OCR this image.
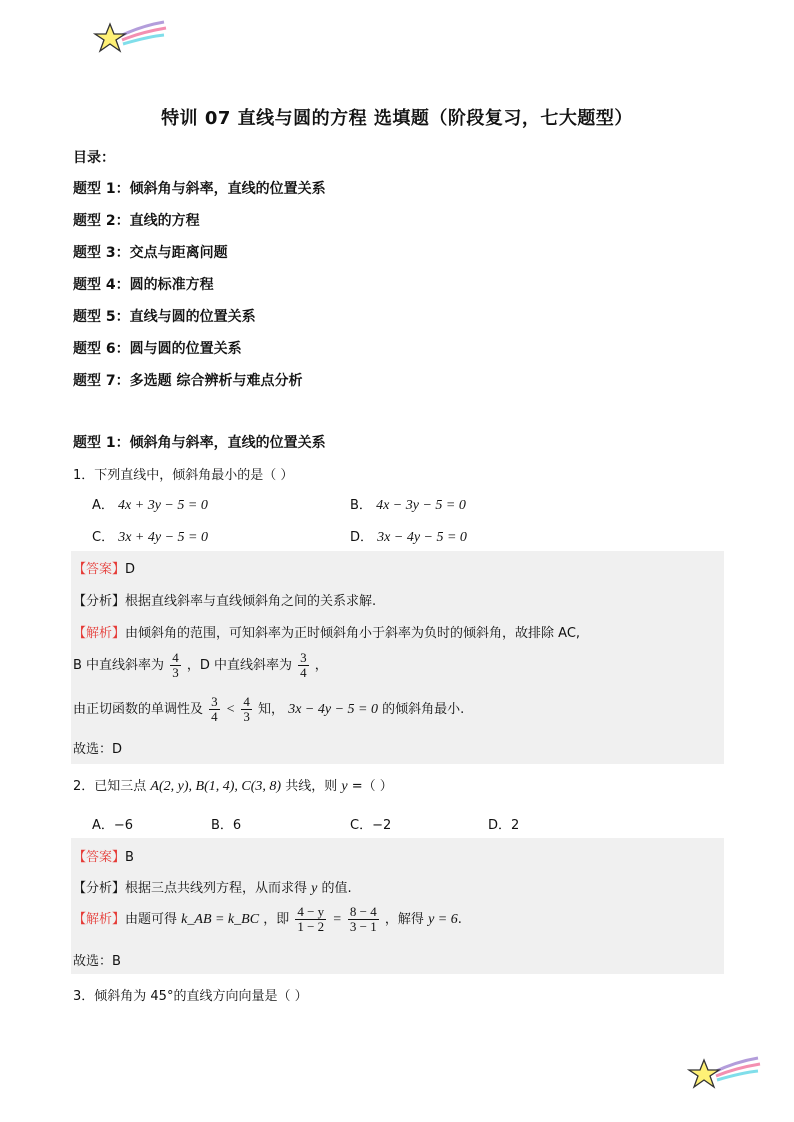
特训 07 直线与圆的方程 选填题（阶段复习，七大题型）
目录：
题型 1：倾斜角与斜率，直线的位置关系
题型 2：直线的方程
题型 3：交点与距离问题
题型 4：圆的标准方程
题型 5：直线与圆的位置关系
题型 6：圆与圆的位置关系
题型 7：多选题 综合辨析与难点分析
题型 1：倾斜角与斜率，直线的位置关系
1．下列直线中，倾斜角最小的是（ ）
A． 4x + 3y − 5 = 0	B． 4x − 3y − 5 = 0
C． 3x + 4y − 5 = 0	D． 3x − 4y − 5 = 0
【答案】D
【分析】根据直线斜率与直线倾斜角之间的关系求解.
【解析】由倾斜角的范围，可知斜率为正时倾斜角小于斜率为负时的倾斜角，故排除 AC,
B 中直线斜率为 $\frac{4}{3}$ ，D 中直线斜率为 $\frac{3}{4}$ ，
由正切函数的单调性及 $\frac{3}{4} < \frac{4}{3}$ 知， 3x − 4y − 5 = 0 的倾斜角最小.
故选：D
2．已知三点 A(2, y), B(1, 4), C(3, 8) 共线，则 y =（ ）
A．−6	B．6	C．−2	D．2
【答案】B
【分析】根据三点共线列方程，从而求得 y 的值.
【解析】由题可得 k_AB = k_BC ，即 $\frac{4 - y}{1 - 2} = \frac{8 - 4}{3 - 1}$ ，解得 y = 6.
故选：B
3．倾斜角为 45°的直线方向向量是（ ）
